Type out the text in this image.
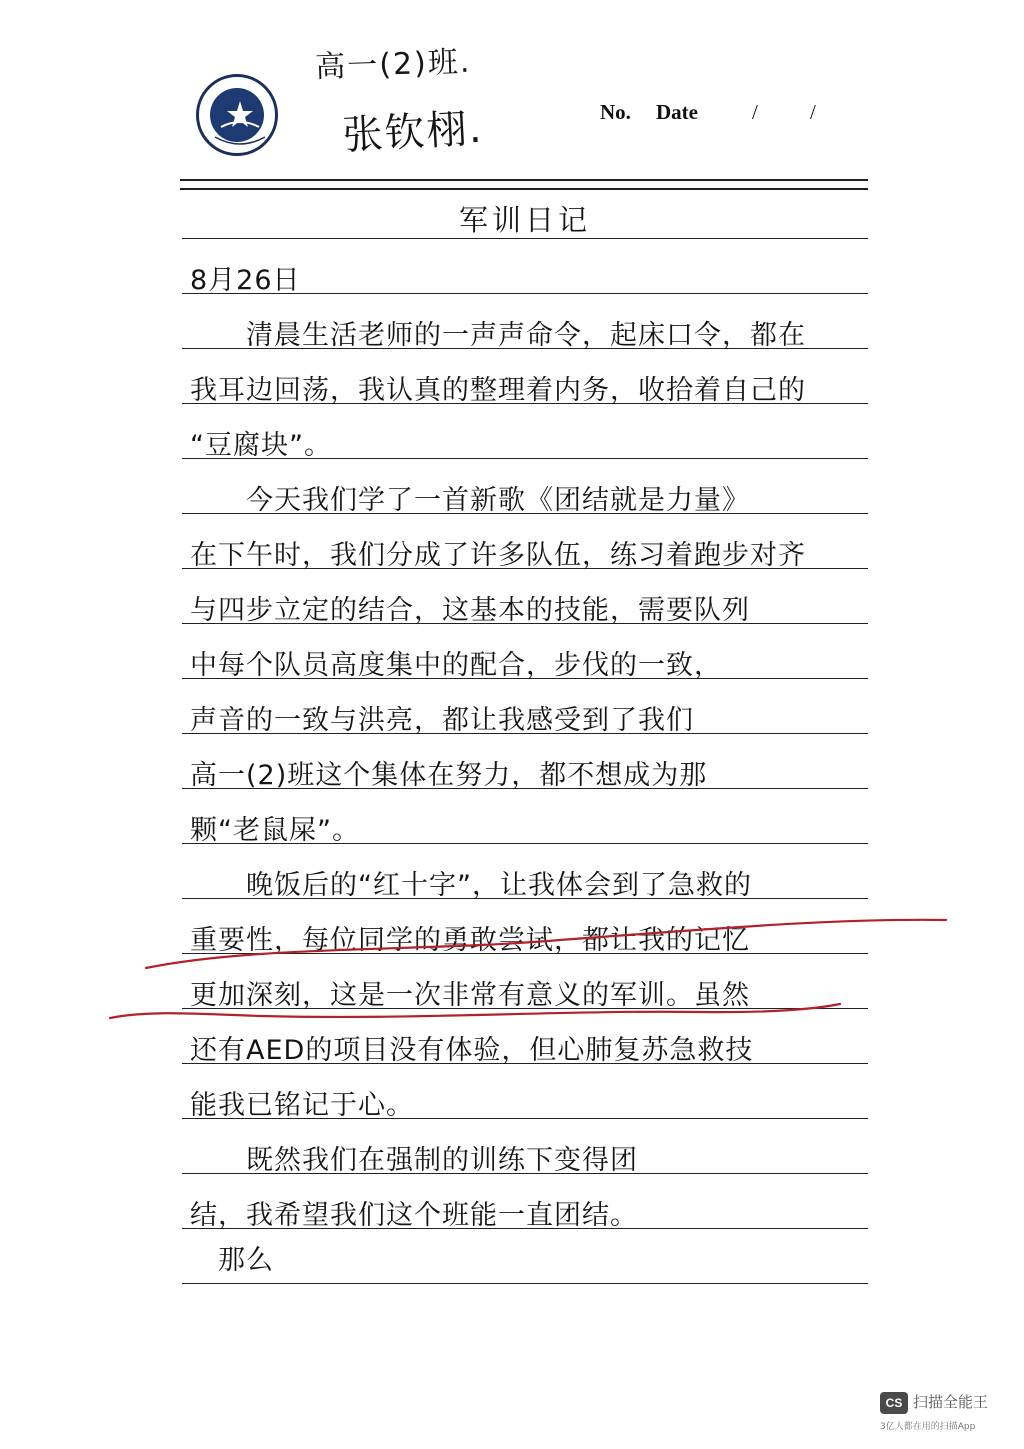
高一(2)班.
张钦栩.	No. Date	/ /
军训日记
8月26日
　　清晨生活老师的一声声命令，起床口令，都在
我耳边回荡，我认真的整理着内务，收拾着自己的
“豆腐块”。
　　今天我们学了一首新歌《团结就是力量》
在下午时，我们分成了许多队伍，练习着跑步对齐
与四步立定的结合，这基本的技能，需要队列
中每个队员高度集中的配合，步伐的一致，
声音的一致与洪亮，都让我感受到了我们
高一(2)班这个集体在努力，都不想成为那
颗“老鼠屎”。
　　晚饭后的“红十字”，让我体会到了急救的
重要性，每位同学的勇敢尝试，都让我的记忆
更加深刻，这是一次非常有意义的军训。虽然
还有AED的项目没有体验，但心肺复苏急救技
能我已铭记于心。
　　既然我们在强制的训练下变得团
结，我希望我们这个班能一直团结。
　那么
CS 扫描全能王
3亿人都在用的扫描App
